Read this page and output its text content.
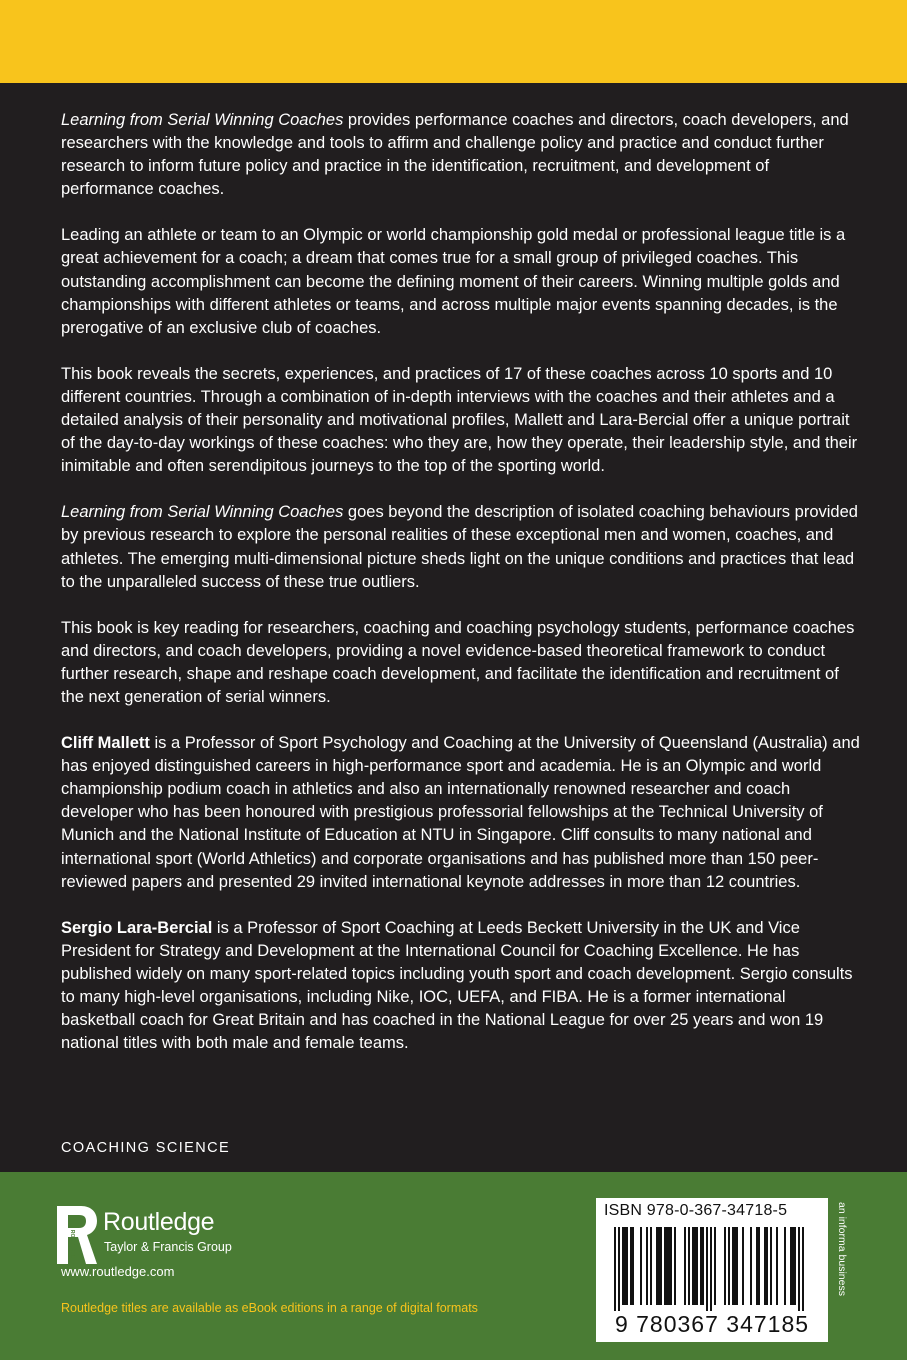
Learning from Serial Winning Coaches provides performance coaches and directors, coach developers, and researchers with the knowledge and tools to affirm and challenge policy and practice and conduct further research to inform future policy and practice in the identification, recruitment, and development of performance coaches.

Leading an athlete or team to an Olympic or world championship gold medal or professional league title is a great achievement for a coach; a dream that comes true for a small group of privileged coaches. This outstanding accomplishment can become the defining moment of their careers. Winning multiple golds and championships with different athletes or teams, and across multiple major events spanning decades, is the prerogative of an exclusive club of coaches.

This book reveals the secrets, experiences, and practices of 17 of these coaches across 10 sports and 10 different countries. Through a combination of in-depth interviews with the coaches and their athletes and a detailed analysis of their personality and motivational profiles, Mallett and Lara-Bercial offer a unique portrait of the day-to-day workings of these coaches: who they are, how they operate, their leadership style, and their inimitable and often serendipitous journeys to the top of the sporting world.

Learning from Serial Winning Coaches goes beyond the description of isolated coaching behaviours provided by previous research to explore the personal realities of these exceptional men and women, coaches, and athletes. The emerging multi-dimensional picture sheds light on the unique conditions and practices that lead to the unparalleled success of these true outliers.

This book is key reading for researchers, coaching and coaching psychology students, performance coaches and directors, and coach developers, providing a novel evidence-based theoretical framework to conduct further research, shape and reshape coach development, and facilitate the identification and recruitment of the next generation of serial winners.

Cliff Mallett is a Professor of Sport Psychology and Coaching at the University of Queensland (Australia) and has enjoyed distinguished careers in high-performance sport and academia. He is an Olympic and world championship podium coach in athletics and also an internationally renowned researcher and coach developer who has been honoured with prestigious professorial fellowships at the Technical University of Munich and the National Institute of Education at NTU in Singapore. Cliff consults to many national and international sport (World Athletics) and corporate organisations and has published more than 150 peer-reviewed papers and presented 29 invited international keynote addresses in more than 12 countries.

Sergio Lara-Bercial is a Professor of Sport Coaching at Leeds Beckett University in the UK and Vice President for Strategy and Development at the International Council for Coaching Excellence. He has published widely on many sport-related topics including youth sport and coach development. Sergio consults to many high-level organisations, including Nike, IOC, UEFA, and FIBA. He is a former international basketball coach for Great Britain and has coached in the National League for over 25 years and won 19 national titles with both male and female teams.

COACHING SCIENCE
ROUTLEDGE
Routledge
Taylor & Francis Group
www.routledge.com
Routledge titles are available as eBook editions in a range of digital formats
ISBN 978-0-367-34718-5
9 780367 347185
an informa business
